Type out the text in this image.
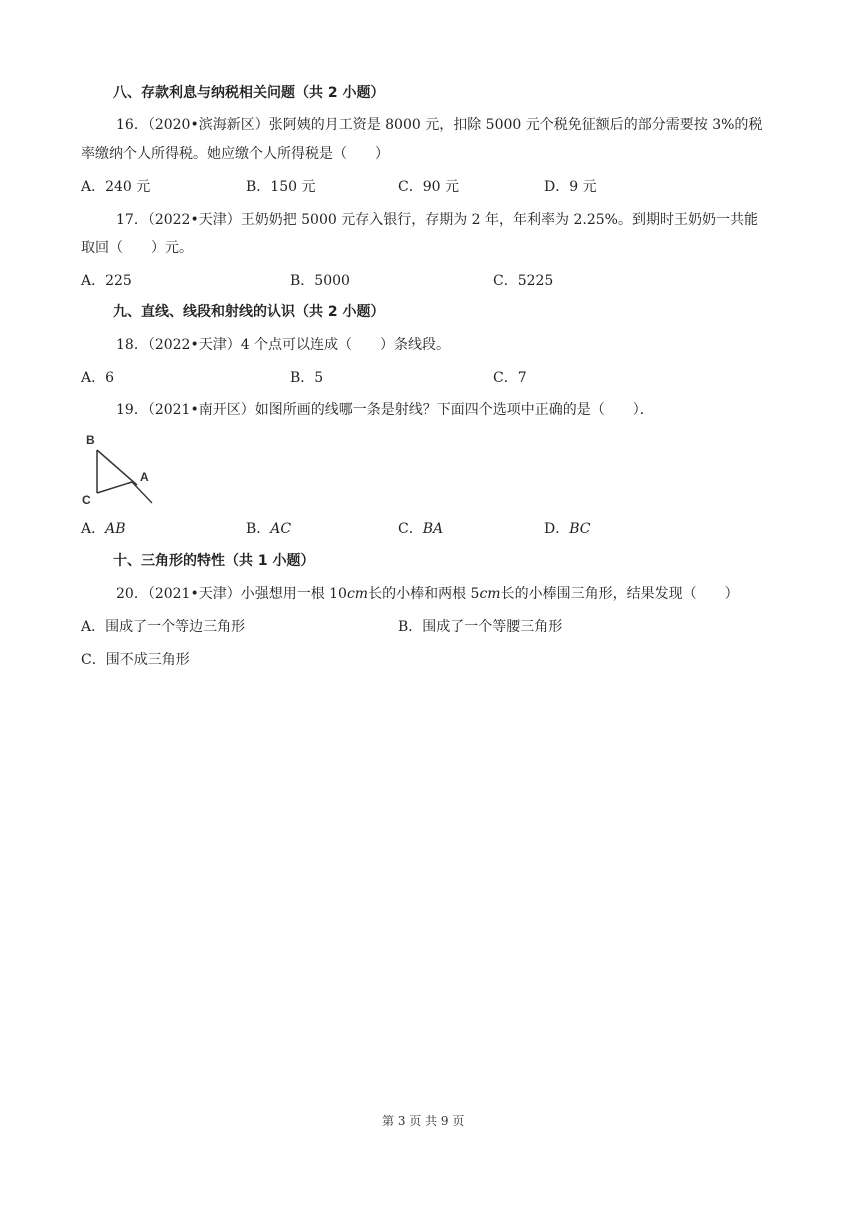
八、存款利息与纳税相关问题（共 2 小题）
16．（2020•滨海新区）张阿姨的月工资是 8000 元，扣除 5000 元个税免征额后的部分需要按 3%的税
率缴纳个人所得税。她应缴个人所得税是（　　）
A．240 元	B．150 元	C．90 元	D．9 元
17．（2022•天津）王奶奶把 5000 元存入银行，存期为 2 年，年利率为 2.25%。到期时王奶奶一共能
取回（　　）元。
A．225	B．5000	C．5225
九、直线、线段和射线的认识（共 2 小题）
18．（2022•天津）4 个点可以连成（　　）条线段。
A．6	B．5	C．7
19．（2021•南开区）如图所画的线哪一条是射线？下面四个选项中正确的是（　　）．
B
A
C
A．AB	B．AC	C．BA	D．BC
十、三角形的特性（共 1 小题）
20．（2021•天津）小强想用一根 10cm长的小棒和两根 5cm长的小棒围三角形，结果发现（　　）
A．围成了一个等边三角形	B．围成了一个等腰三角形
C．围不成三角形
第 3 页 共 9 页
